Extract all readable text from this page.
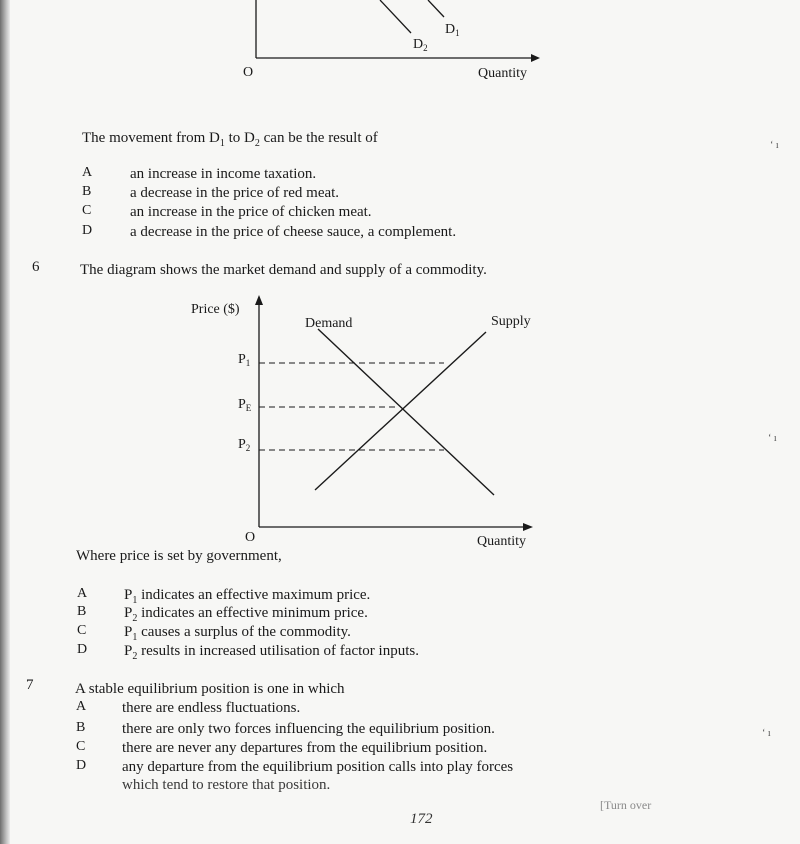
$D_1$
$D_2$
O	Quantity
The movement from $D_1$ to $D_2$ can be the result of
A	an increase in income taxation.
B	a decrease in the price of red meat.
C	an increase in the price of chicken meat.
D	a decrease in the price of cheese sauce, a complement.
6	The diagram shows the market demand and supply of a commodity.
Price ($)
Demand	Supply
$P_1$
$P_E$
$P_2$
O	Quantity
Where price is set by government,
A $P_1$ indicates an effective maximum price.
B	$P_2$ indicates an effective minimum price.
C	$P_1$ causes a surplus of the commodity.
D $P_2$ results in increased utilisation of factor inputs.
7	A stable equilibrium position is one in which
A there are endless fluctuations.
B there are only two forces influencing the equilibrium position.
C there are never any departures from the equilibrium position.
D any departure from the equilibrium position calls into play forces
which tend to restore that position.
172
[Turn over
ʻ ı
ʻ ı
ʻ ı
